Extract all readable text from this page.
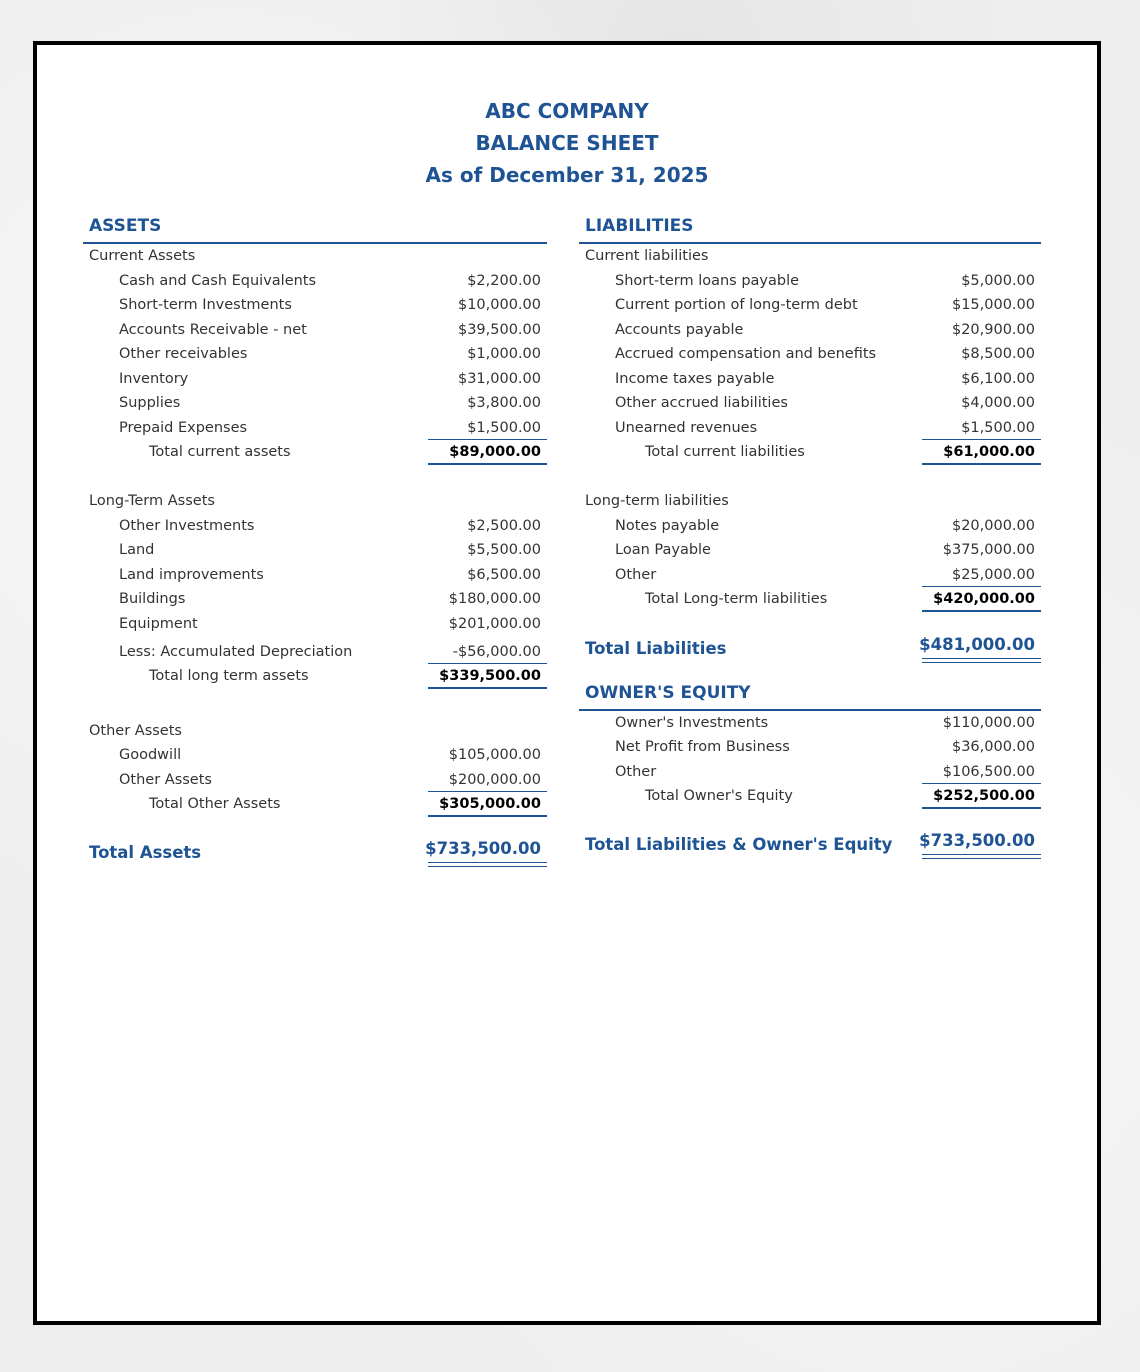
ABC COMPANY
BALANCE SHEET
As of December 31, 2025
ASSETS
Current Assets
Cash and Cash Equivalents	$2,200.00
Short-term Investments	$10,000.00
Accounts Receivable - net	$39,500.00
Other receivables	$1,000.00
Inventory	$31,000.00
Supplies	$3,800.00
Prepaid Expenses	$1,500.00
Total current assets	$89,000.00
Long-Term Assets
Other Investments	$2,500.00
Land	$5,500.00
Land improvements	$6,500.00
Buildings	$180,000.00
Equipment	$201,000.00
Less: Accumulated Depreciation	-$56,000.00
Total long term assets	$339,500.00
Other Assets
Goodwill	$105,000.00
Other Assets	$200,000.00
Total Other Assets	$305,000.00
Total Assets	$733,500.00
LIABILITIES
Current liabilities
Short-term loans payable	$5,000.00
Current portion of long-term debt	$15,000.00
Accounts payable	$20,900.00
Accrued compensation and benefits	$8,500.00
Income taxes payable	$6,100.00
Other accrued liabilities	$4,000.00
Unearned revenues	$1,500.00
Total current liabilities	$61,000.00
Long-term liabilities
Notes payable	$20,000.00
Loan Payable	$375,000.00
Other	$25,000.00
Total Long-term liabilities	$420,000.00
Total Liabilities	$481,000.00
OWNER'S EQUITY
Owner's Investments	$110,000.00
Net Profit from Business	$36,000.00
Other	$106,500.00
Total Owner's Equity	$252,500.00
Total Liabilities & Owner's Equity $733,500.00
